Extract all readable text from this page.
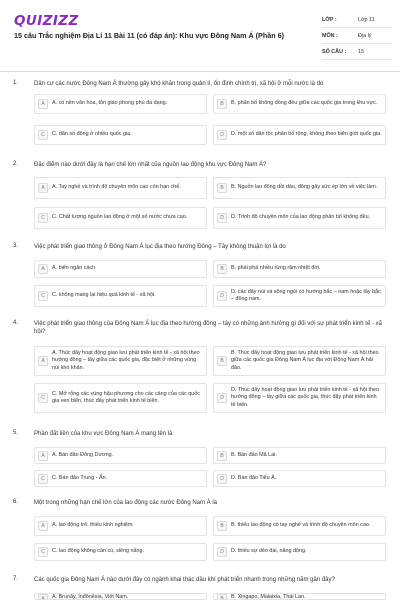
QUIZIZZ
15 câu Trắc nghiệm Địa Lí 11 Bài 11 (có đáp án): Khu vực Đông Nam Á (Phần 6)
LỚP :	Lớp 11
MÔN :	Địa lý
SỐ CÂU :	15
1.	Dân cư các nước Đông Nam Á thường gây khó khăn trong quản lí, ổn định chính trị, xã hội ở mỗi nước là do
A	A. có nền văn hóa, tôn giáo phong phú đa dạng.	B	B. phân bố không đồng đều giữa các quốc gia trong khu vực.
C	C. dân số đông ở nhiều quốc gia.	D	D. một số dân tộc phân bố rộng, không theo biên giới quốc gia.
2.	Đặc điểm nào dưới đây là hạn chế lớn nhất của nguồn lao động khu vực Đông Nam Á?
A	A. Tay nghề và trình độ chuyên môn cao còn hạn chế.	B	B. Nguồn lao động dồi dào, đông gây sức ép lớn về việc làm.
C	C. Chất lượng nguồn lao động ở một số nước chưa cao.	D	D. Trình độ chuyên môn của lao động phân bố không đều.
3.	Việc phát triển giao thông ở Đông Nam Á lục địa theo hướng Đông – Tây không thuận lợi là do
A	A. biển ngăn cách.	B	B. phải phá nhiều rừng rậm nhiệt đới.
C	C. không mang lại hiệu quả kinh tế - xã hội.	D
D. các dãy núi và sông ngòi có hướng bắc – nam hoặc tây bắc – đông nam.
4.	Việc phát triển giao thông của Đông Nam Á lục địa theo hướng đông – tây có những ảnh hưởng gì đối với sự phát triển kinh tế - xã hội?
A
A. Thúc đẩy hoạt động giao lưu phát triển kinh tế - xã hội theo hướng đông – tây giữa các quốc gia, đặc biệt ở những vùng núi khó khăn.
B
B. Thúc đẩy hoạt động giao lưu phát triển kinh tế - xã hội theo giữa các quốc gia Đông Nam Á lục địa với Đông Nam Á hải đảo.
C
C. Mở rộng các vùng hậu phương cho các cảng của các quốc gia ven biển, thúc đẩy phát triển kinh tế biển.	D
D. Thúc đẩy hoạt động giao lưu phát triển kinh tế - xã hội theo hướng đông – tây giữa các quốc gia, thúc đẩy phát triển kinh tế biển.
5.	Phần đất liền của khu vực Đông Nam Á mang tên là
A	A. Bán đảo Đông Dương.	B	B. Bán đảo Mã Lai.
C	C. Bán đảo Trung - Ấn.	D	D. Bán đảo Tiểu Á.
6.	Một trong những hạn chế lớn của lao động các nước Đông Nam Á là
A	A. lao động trẻ, thiếu kinh nghiệm.	B	B. thiếu lao động có tay nghề và trình độ chuyên môn cao.
C	C. lao động không cần cù, siêng năng.	D	D. thiếu sự dẻo dai, năng động.
7.	Các quốc gia Đông Nam Á nào dưới đây có ngành khai thác dầu khí phát triển nhanh trong những năm gần đây?
A	A. Brunây, Inđônêxia, Việt Nam.	B	B. Xingapo, Malaixia, Thái Lan.
